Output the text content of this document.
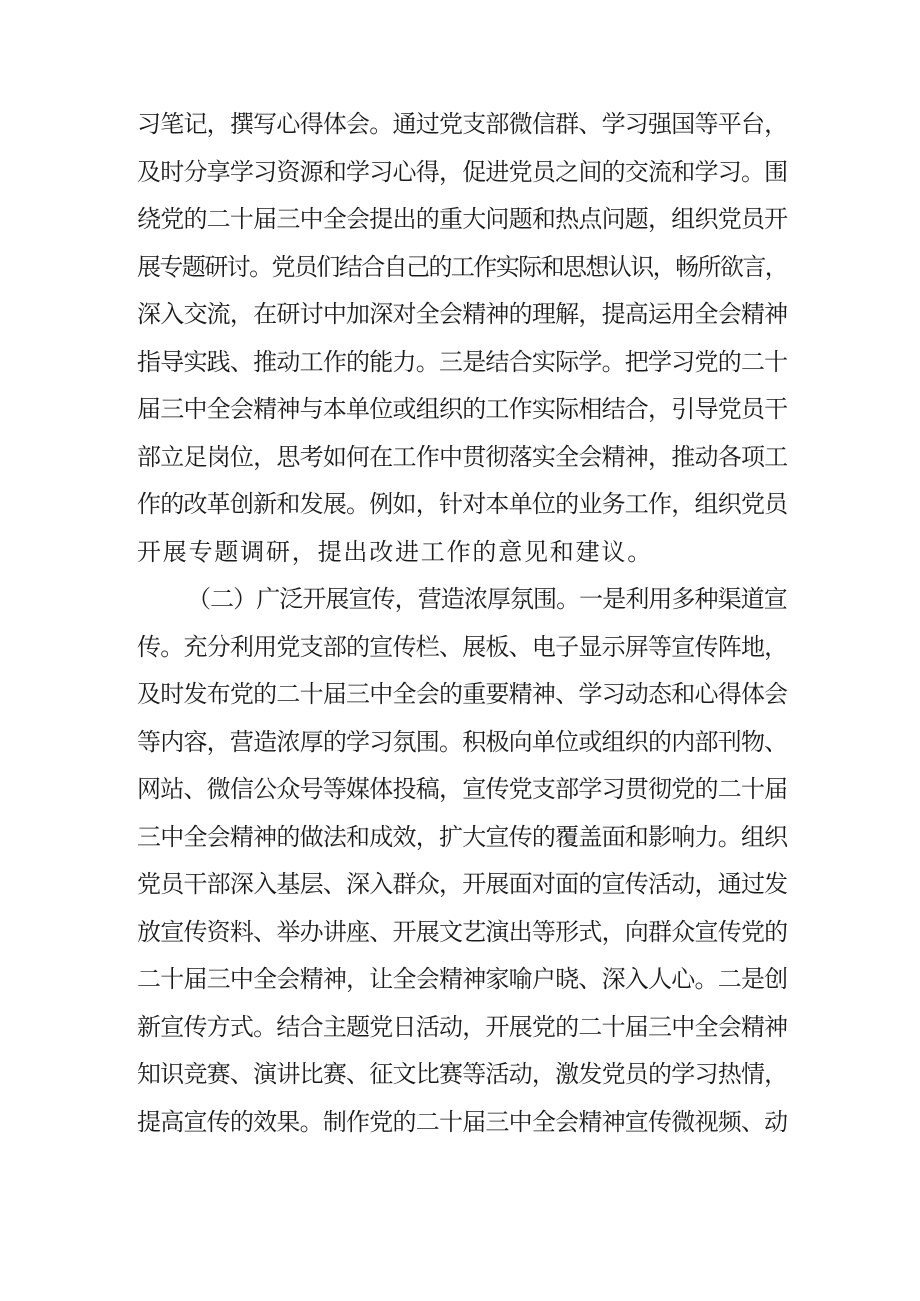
习笔记，撰写心得体会。通过党支部微信群、学习强国等平台，
及时分享学习资源和学习心得，促进党员之间的交流和学习。围
绕党的二十届三中全会提出的重大问题和热点问题，组织党员开
展专题研讨。党员们结合自己的工作实际和思想认识，畅所欲言，
深入交流，在研讨中加深对全会精神的理解，提高运用全会精神
指导实践、推动工作的能力。三是结合实际学。把学习党的二十
届三中全会精神与本单位或组织的工作实际相结合，引导党员干
部立足岗位，思考如何在工作中贯彻落实全会精神，推动各项工
作的改革创新和发展。例如，针对本单位的业务工作，组织党员
开展专题调研，提出改进工作的意见和建议。
（二）广泛开展宣传，营造浓厚氛围。一是利用多种渠道宣
传。充分利用党支部的宣传栏、展板、电子显示屏等宣传阵地，
及时发布党的二十届三中全会的重要精神、学习动态和心得体会
等内容，营造浓厚的学习氛围。积极向单位或组织的内部刊物、
网站、微信公众号等媒体投稿，宣传党支部学习贯彻党的二十届
三中全会精神的做法和成效，扩大宣传的覆盖面和影响力。组织
党员干部深入基层、深入群众，开展面对面的宣传活动，通过发
放宣传资料、举办讲座、开展文艺演出等形式，向群众宣传党的
二十届三中全会精神，让全会精神家喻户晓、深入人心。二是创
新宣传方式。结合主题党日活动，开展党的二十届三中全会精神
知识竞赛、演讲比赛、征文比赛等活动，激发党员的学习热情，
提高宣传的效果。制作党的二十届三中全会精神宣传微视频、动
